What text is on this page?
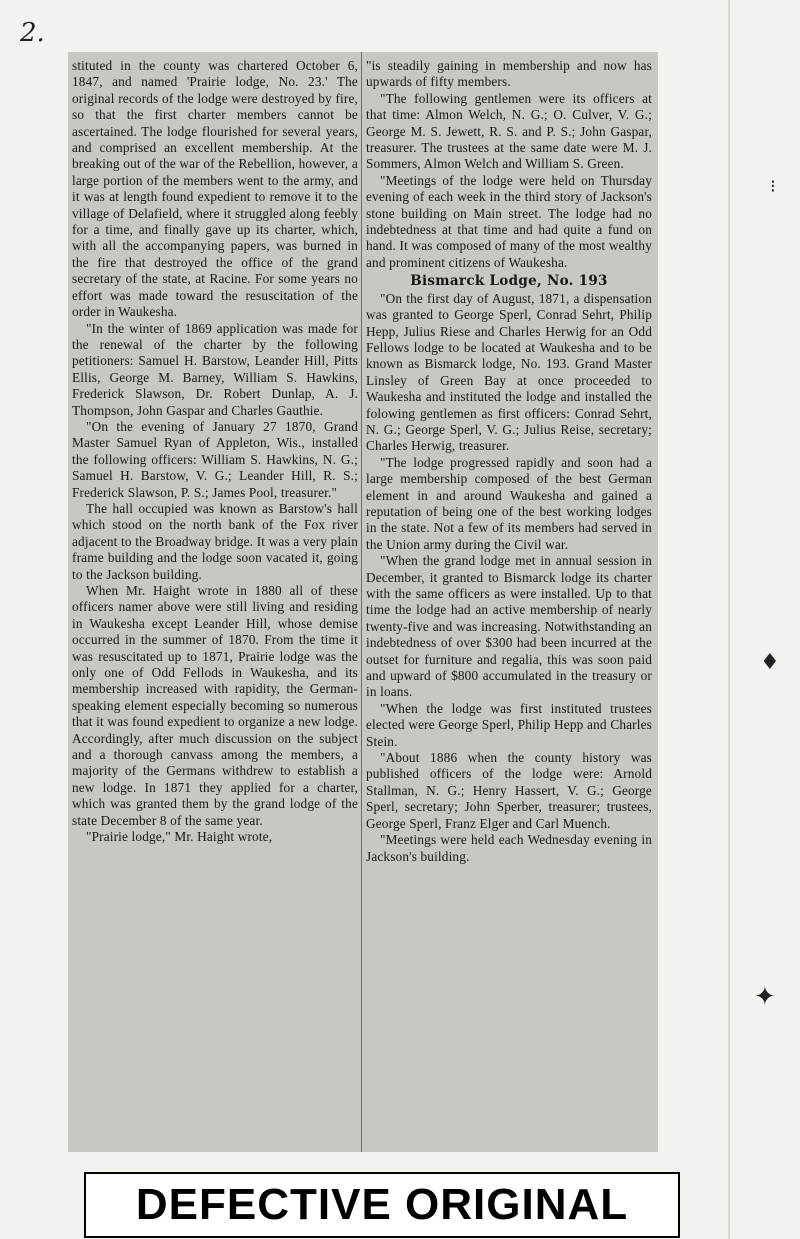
2.

stituted in the county was chartered October 6, 1847, and named 'Prairie lodge, No. 23.' The original records of the lodge were destroyed by fire, so that the first charter members cannot be ascertained. The lodge flourished for several years, and comprised an excellent membership. At the breaking out of the war of the Rebellion, however, a large portion of the members went to the army, and it was at length found expedient to remove it to the village of Delafield, where it struggled along feebly for a time, and finally gave up its charter, which, with all the accompanying papers, was burned in the fire that destroyed the office of the grand secretary of the state, at Racine. For some years no effort was made toward the resuscitation of the order in Waukesha.

"In the winter of 1869 application was made for the renewal of the charter by the following petitioners: Samuel H. Barstow, Leander Hill, Pitts Ellis, George M. Barney, William S. Hawkins, Frederick Slawson, Dr. Robert Dunlap, A. J. Thompson, John Gaspar and Charles Gauthie.

"On the evening of January 27 1870, Grand Master Samuel Ryan of Appleton, Wis., installed the following officers: William S. Hawkins, N. G.; Samuel H. Barstow, V. G.; Leander Hill, R. S.; Frederick Slawson, P. S.; James Pool, treasurer."

The hall occupied was known as Barstow's hall which stood on the north bank of the Fox river adjacent to the Broadway bridge. It was a very plain frame building and the lodge soon vacated it, going to the Jackson building.

When Mr. Haight wrote in 1880 all of these officers namer above were still living and residing in Waukesha except Leander Hill, whose demise occurred in the summer of 1870. From the time it was resuscitated up to 1871, Prairie lodge was the only one of Odd Fellods in Waukesha, and its membership increased with rapidity, the German-speaking element especially becoming so numerous that it was found expedient to organize a new lodge. Accordingly, after much discussion on the subject and a thorough canvass among the members, a majority of the Germans withdrew to establish a new lodge. In 1871 they applied for a charter, which was granted them by the grand lodge of the state December 8 of the same year.

"Prairie lodge," Mr. Haight wrote,

"is steadily gaining in membership and now has upwards of fifty members.

"The following gentlemen were its officers at that time: Almon Welch, N. G.; O. Culver, V. G.; George M. S. Jewett, R. S. and P. S.; John Gaspar, treasurer. The trustees at the same date were M. J. Sommers, Almon Welch and William S. Green.

"Meetings of the lodge were held on Thursday evening of each week in the third story of Jackson's stone building on Main street. The lodge had no indebtedness at that time and had quite a fund on hand. It was composed of many of the most wealthy and prominent citizens of Waukesha.

Bismarck Lodge, No. 193

"On the first day of August, 1871, a dispensation was granted to George Sperl, Conrad Sehrt, Philip Hepp, Julius Riese and Charles Herwig for an Odd Fellows lodge to be located at Waukesha and to be known as Bismarck lodge, No. 193. Grand Master Linsley of Green Bay at once proceeded to Waukesha and instituted the lodge and installed the folowing gentlemen as first officers: Conrad Sehrt, N. G.; George Sperl, V. G.; Julius Reise, secretary; Charles Herwig, treasurer.

"The lodge progressed rapidly and soon had a large membership composed of the best German element in and around Waukesha and gained a reputation of being one of the best working lodges in the state. Not a few of its members had served in the Union army during the Civil war.

"When the grand lodge met in annual session in December, it granted to Bismarck lodge its charter with the same officers as were installed. Up to that time the lodge had an active membership of nearly twenty-five and was increasing. Notwithstanding an indebtedness of over $300 had been incurred at the outset for furniture and regalia, this was soon paid and upward of $800 accumulated in the treasury or in loans.

"When the lodge was first instituted trustees elected were George Sperl, Philip Hepp and Charles Stein.

"About 1886 when the county history was published officers of the lodge were: Arnold Stallman, N. G.; Henry Hassert, V. G.; George Sperl, secretary; John Sperber, treasurer; trustees, George Sperl, Franz Elger and Carl Muench.

"Meetings were held each Wednesday evening in Jackson's building.

⁝
♦
✦
DEFECTIVE ORIGINAL
